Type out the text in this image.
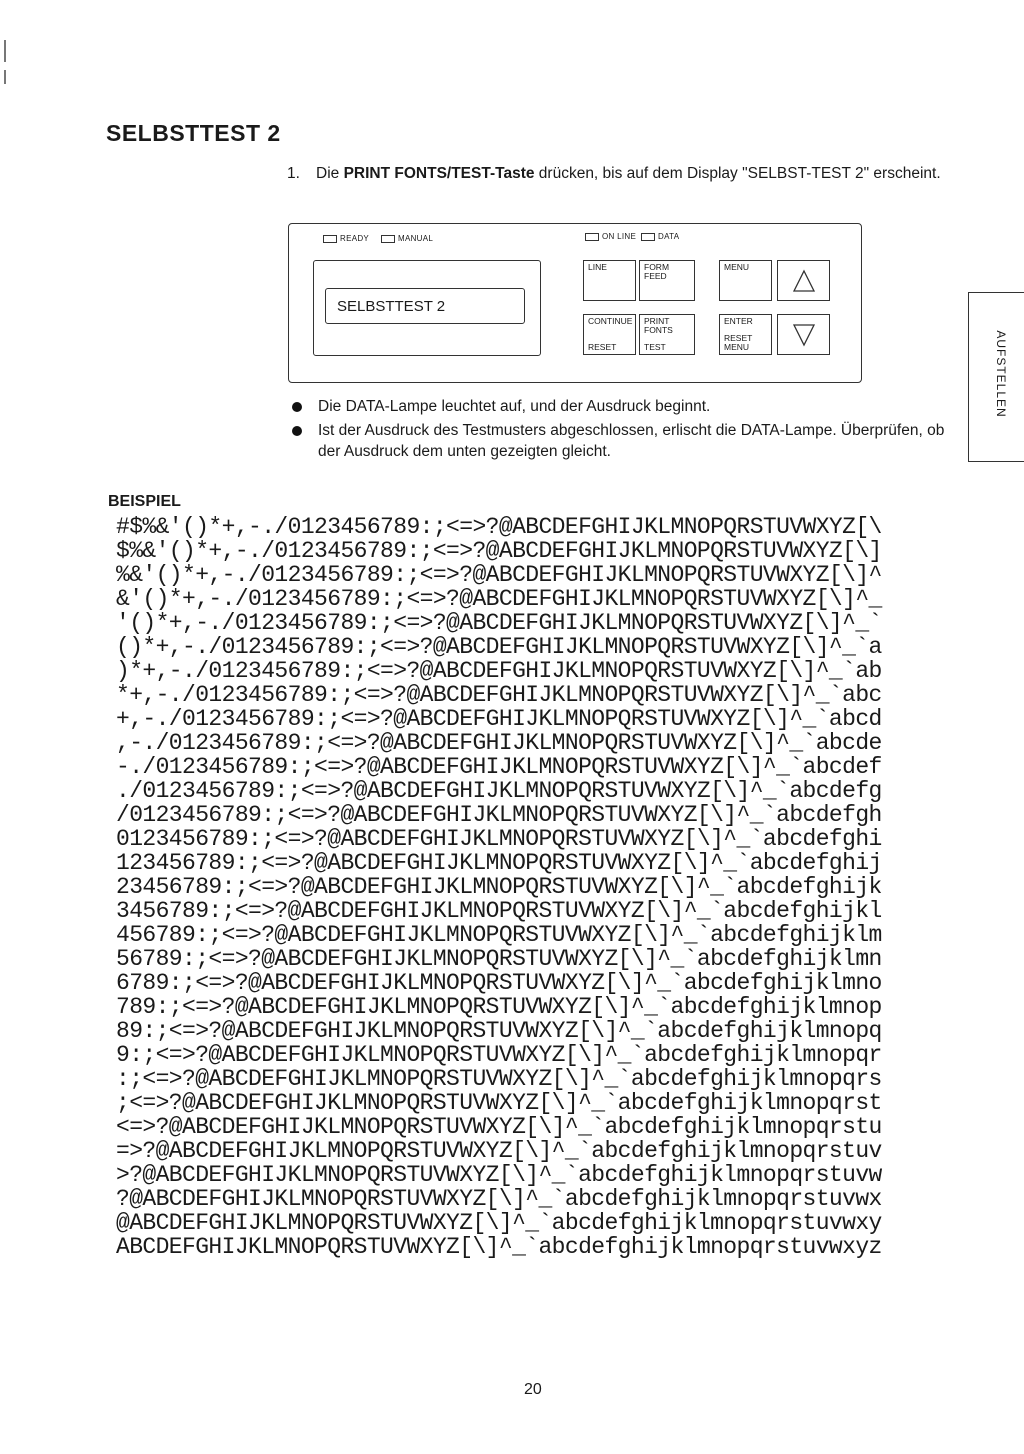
SELBSTTEST 2
1. Die PRINT FONTS/TEST-Taste drücken, bis auf dem Display "SELBST-TEST 2" erscheint.
READY	MANUAL	ON LINE	DATA
SELBSTTEST 2
LINE	FORM FEED
MENU
CONTINUE
RESET
PRINT FONTS
TEST
ENTER
RESET MENU
Die DATA-Lampe leuchtet auf, und der Ausdruck beginnt.
Ist der Ausdruck des Testmusters abgeschlossen, erlischt die DATA-Lampe. Überprüfen, ob der Ausdruck dem unten gezeigten gleicht.
BEISPIEL
#$%&'()*+,-./0123456789:;<=>?@ABCDEFGHIJKLMNOPQRSTUVWXYZ[\
$%&'()*+,-./0123456789:;<=>?@ABCDEFGHIJKLMNOPQRSTUVWXYZ[\]
%&'()*+,-./0123456789:;<=>?@ABCDEFGHIJKLMNOPQRSTUVWXYZ[\]^
&'()*+,-./0123456789:;<=>?@ABCDEFGHIJKLMNOPQRSTUVWXYZ[\]^_
'()*+,-./0123456789:;<=>?@ABCDEFGHIJKLMNOPQRSTUVWXYZ[\]^_`
()*+,-./0123456789:;<=>?@ABCDEFGHIJKLMNOPQRSTUVWXYZ[\]^_`a
)*+,-./0123456789:;<=>?@ABCDEFGHIJKLMNOPQRSTUVWXYZ[\]^_`ab
*+,-./0123456789:;<=>?@ABCDEFGHIJKLMNOPQRSTUVWXYZ[\]^_`abc
+,-./0123456789:;<=>?@ABCDEFGHIJKLMNOPQRSTUVWXYZ[\]^_`abcd
,-./0123456789:;<=>?@ABCDEFGHIJKLMNOPQRSTUVWXYZ[\]^_`abcde
-./0123456789:;<=>?@ABCDEFGHIJKLMNOPQRSTUVWXYZ[\]^_`abcdef
./0123456789:;<=>?@ABCDEFGHIJKLMNOPQRSTUVWXYZ[\]^_`abcdefg
/0123456789:;<=>?@ABCDEFGHIJKLMNOPQRSTUVWXYZ[\]^_`abcdefgh
0123456789:;<=>?@ABCDEFGHIJKLMNOPQRSTUVWXYZ[\]^_`abcdefghi
123456789:;<=>?@ABCDEFGHIJKLMNOPQRSTUVWXYZ[\]^_`abcdefghij
23456789:;<=>?@ABCDEFGHIJKLMNOPQRSTUVWXYZ[\]^_`abcdefghijk
3456789:;<=>?@ABCDEFGHIJKLMNOPQRSTUVWXYZ[\]^_`abcdefghijkl
456789:;<=>?@ABCDEFGHIJKLMNOPQRSTUVWXYZ[\]^_`abcdefghijklm
56789:;<=>?@ABCDEFGHIJKLMNOPQRSTUVWXYZ[\]^_`abcdefghijklmn
6789:;<=>?@ABCDEFGHIJKLMNOPQRSTUVWXYZ[\]^_`abcdefghijklmno
789:;<=>?@ABCDEFGHIJKLMNOPQRSTUVWXYZ[\]^_`abcdefghijklmnop
89:;<=>?@ABCDEFGHIJKLMNOPQRSTUVWXYZ[\]^_`abcdefghijklmnopq
9:;<=>?@ABCDEFGHIJKLMNOPQRSTUVWXYZ[\]^_`abcdefghijklmnopqr
:;<=>?@ABCDEFGHIJKLMNOPQRSTUVWXYZ[\]^_`abcdefghijklmnopqrs
;<=>?@ABCDEFGHIJKLMNOPQRSTUVWXYZ[\]^_`abcdefghijklmnopqrst
<=>?@ABCDEFGHIJKLMNOPQRSTUVWXYZ[\]^_`abcdefghijklmnopqrstu
=>?@ABCDEFGHIJKLMNOPQRSTUVWXYZ[\]^_`abcdefghijklmnopqrstuv
>?@ABCDEFGHIJKLMNOPQRSTUVWXYZ[\]^_`abcdefghijklmnopqrstuvw
?@ABCDEFGHIJKLMNOPQRSTUVWXYZ[\]^_`abcdefghijklmnopqrstuvwx
@ABCDEFGHIJKLMNOPQRSTUVWXYZ[\]^_`abcdefghijklmnopqrstuvwxy
ABCDEFGHIJKLMNOPQRSTUVWXYZ[\]^_`abcdefghijklmnopqrstuvwxyz
AUFSTELLEN
20
